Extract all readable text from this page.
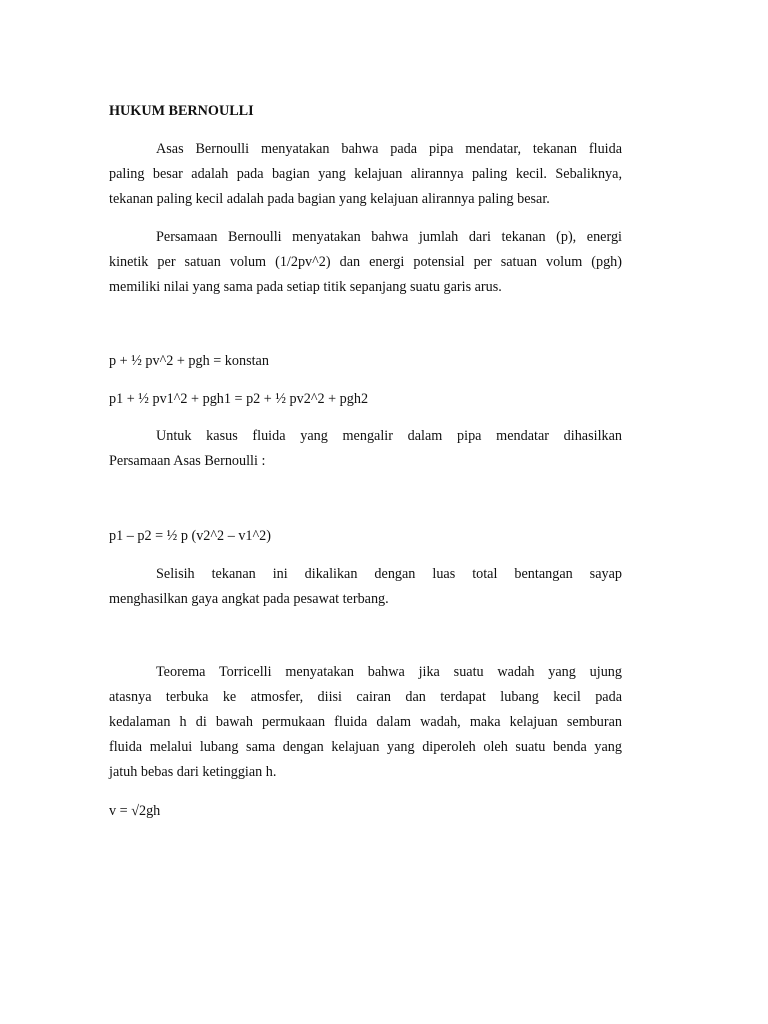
HUKUM BERNOULLI
Asas Bernoulli menyatakan bahwa pada pipa mendatar, tekanan fluida
paling besar adalah pada bagian yang kelajuan alirannya paling kecil. Sebaliknya,
tekanan paling kecil adalah pada bagian yang kelajuan alirannya paling besar.
Persamaan Bernoulli menyatakan bahwa jumlah dari tekanan (p), energi
kinetik per satuan volum (1/2pv^2) dan energi potensial per satuan volum (pgh)
memiliki nilai yang sama pada setiap titik sepanjang suatu garis arus.
p + ½ pv^2 + pgh = konstan
p1 + ½ pv1^2 + pgh1 = p2 + ½ pv2^2 + pgh2
Untuk kasus fluida yang mengalir dalam pipa mendatar dihasilkan
Persamaan Asas Bernoulli :
p1 – p2 = ½ p (v2^2 – v1^2)
Selisih tekanan ini dikalikan dengan luas total bentangan sayap
menghasilkan gaya angkat pada pesawat terbang.
Teorema Torricelli menyatakan bahwa jika suatu wadah yang ujung
atasnya terbuka ke atmosfer, diisi cairan dan terdapat lubang kecil pada
kedalaman h di bawah permukaan fluida dalam wadah, maka kelajuan semburan
fluida melalui lubang sama dengan kelajuan yang diperoleh oleh suatu benda yang
jatuh bebas dari ketinggian h.
v = √2gh
